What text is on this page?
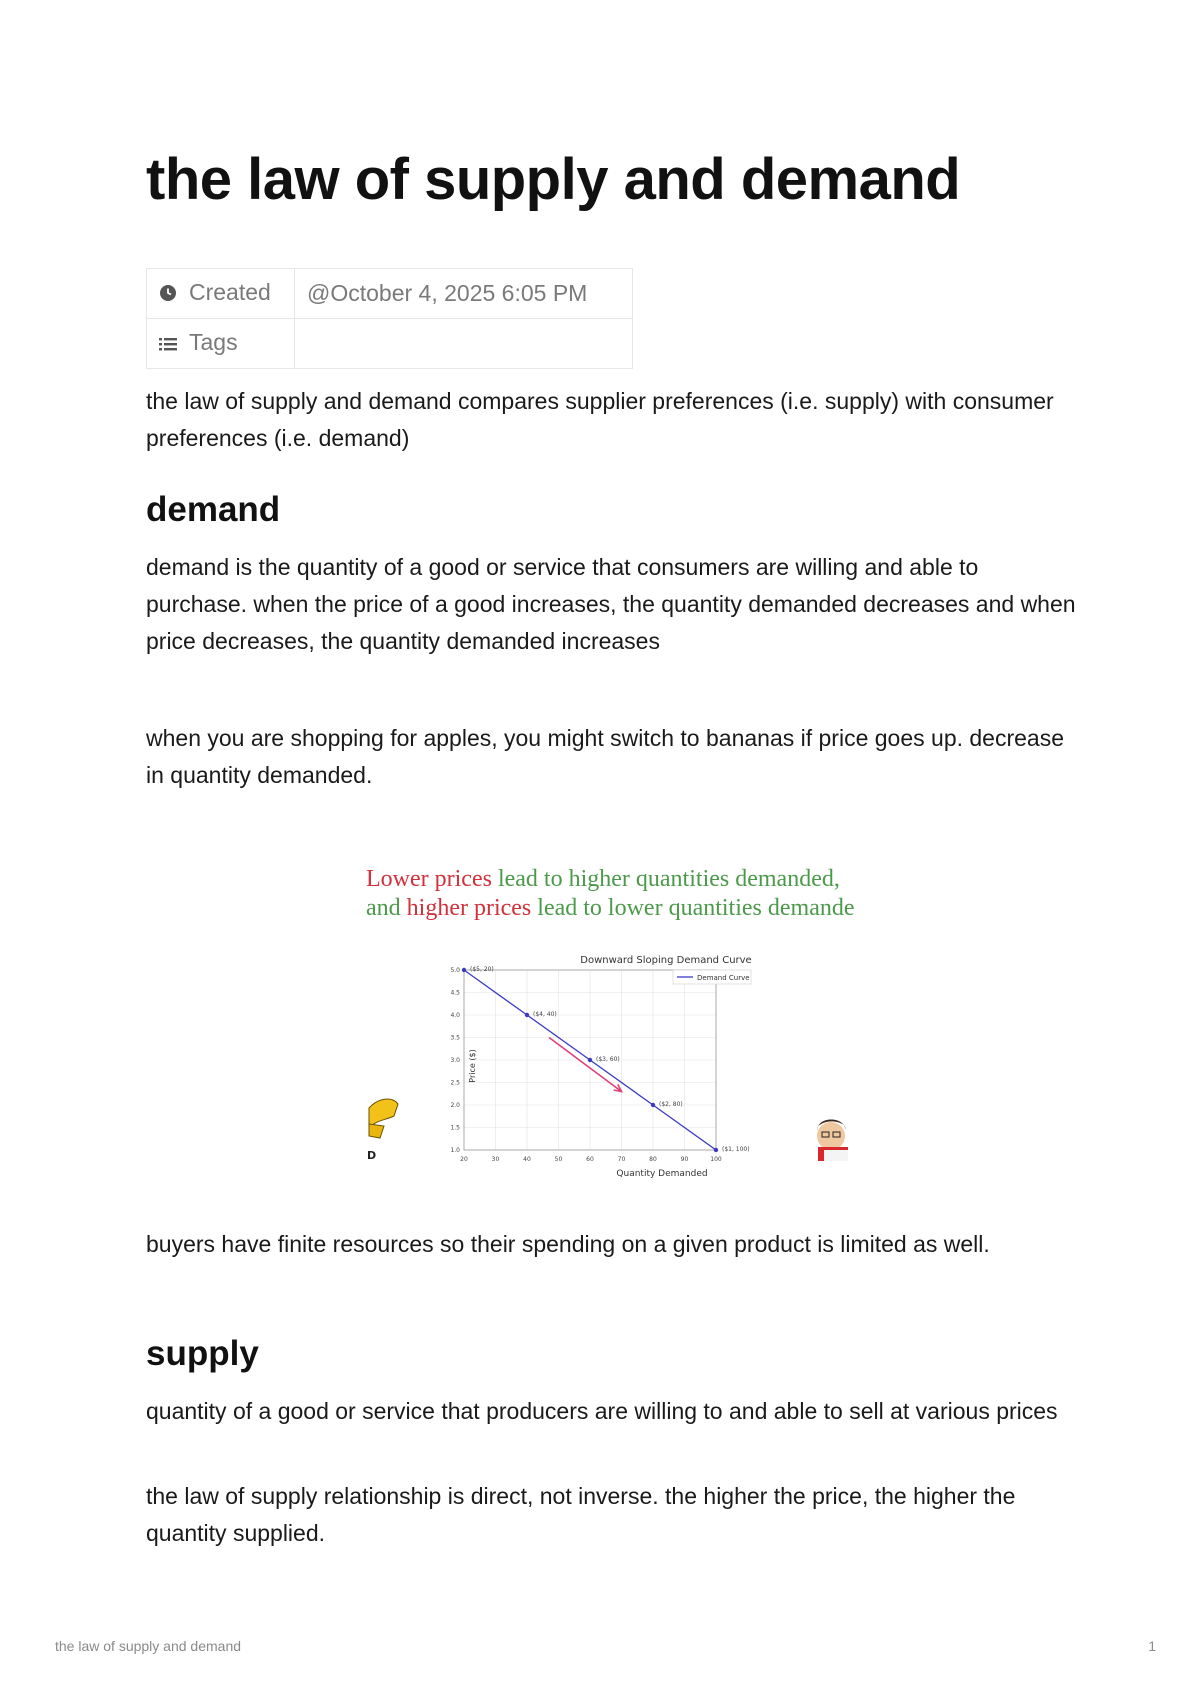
the law of supply and demand
Created	@October 4, 2025 6:05 PM
Tags	

the law of supply and demand compares supplier preferences (i.e. supply) with consumer preferences (i.e. demand)

demand

demand is the quantity of a good or service that consumers are willing and able to purchase. when the price of a good increases, the quantity demanded decreases and when price decreases, the quantity demanded increases

when you are shopping for apples, you might switch to bananas if price goes up. decrease in quantity demanded.

Lower prices lead to higher quantities demanded,
and higher prices lead to lower quantities demande
Downward Sloping Demand Curve
20	30	40	50	60	70	80	90	100
1.0
1.5
2.0
2.5
3.0
3.5
4.0
4.5
5.0 ($5, 20)
($4, 40)
($3, 60)
($2, 80)
($1, 100)
Demand Curve
Quantity Demanded
Price ($)
D

buyers have finite resources so their spending on a given product is limited as well.

supply

quantity of a good or service that producers are willing to and able to sell at various prices

the law of supply relationship is direct, not inverse. the higher the price, the higher the quantity supplied.

the law of supply and demand	1
